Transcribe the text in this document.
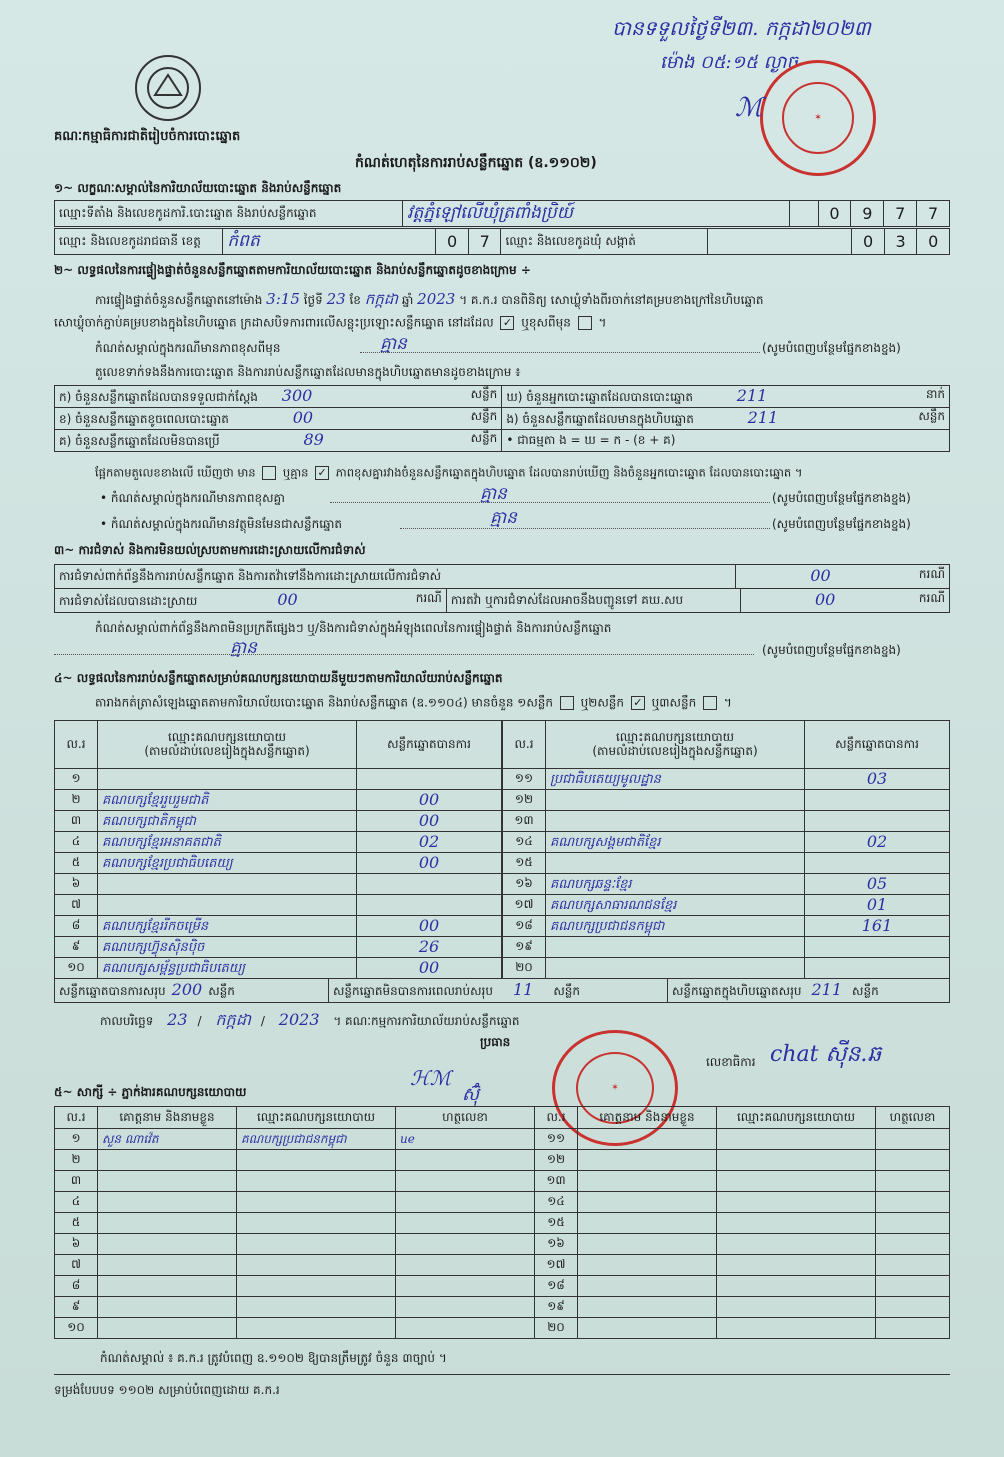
បានទទួលថ្ងៃទី២៣. កក្កដា២០២៣
ម៉ោង ០៥:១៥ ល្ងាច
✶
ℳ
គណៈកម្មាធិការជាតិរៀបចំការបោះឆ្នោត
កំណត់ហេតុនៃការរាប់សន្លឹកឆ្នោត (ឧ.១១០២)
១~ លក្ខណៈសម្គាល់នៃការិយាល័យបោះឆ្នោត និងរាប់សន្លឹកឆ្នោត
ឈ្មោះទីតាំង និងលេខកូដការិ.បោះឆ្នោត និងរាប់សន្លឹកឆ្នោត	វត្តភ្នំឡៅលើឃុំត្រពាំងប្រិយ៍		0	9	7	7
ឈ្មោះ និងលេខកូដរាជធានី ខេត្ត	កំពត	0	7	ឈ្មោះ និងលេខកូដឃុំ សង្កាត់		0	3	0
២~ លទ្ធផលនៃការផ្ទៀងផ្ទាត់ចំនួនសន្លឹកឆ្នោតតាមការិយាល័យបោះឆ្នោត និងរាប់សន្លឹកឆ្នោតដូចខាងក្រោម ÷
ការផ្ទៀងផ្ទាត់ចំនួនសន្លឹកឆ្នោតនៅម៉ោង 3:15 ថ្ងៃទី 23 ខែ កក្កដា ឆ្នាំ 2023 ។ គ.ក.រ បានពិនិត្យ សោឃ្លុំទាំងពីរចាក់នៅគម្របខាងក្រៅនៃហិបឆ្នោត
សោឃ្លុំចាក់ភ្ជាប់គម្របខាងក្នុងនៃហិបឆ្នោត ក្រដាសបិទការពារលើសន្លុះប្រឡោះសន្លឹកឆ្នោត នៅដដែល ✓ ឬខុសពីមុន  ។
កំណត់សម្គាល់ក្នុងករណីមានភាពខុសពីមុន	គ្មាន	(សូមបំពេញបន្ថែមផ្នែកខាងខ្នង)
តួលេខទាក់ទងនឹងការបោះឆ្នោត និងការរាប់សន្លឹកឆ្នោតដែលមានក្នុងហិបឆ្នោតមានដូចខាងក្រោម ៖
ក) ចំនួនសន្លឹកឆ្នោតដែលបានទទួលជាក់ស្តែង 300 សន្លឹក	ឃ) ចំនួនអ្នកបោះឆ្នោតដែលបានបោះឆ្នោត 211 នាក់

ខ) ចំនួនសន្លឹកឆ្នោតខូចពេលបោះឆ្នោត 00 សន្លឹក	ង) ចំនួនសន្លឹកឆ្នោតដែលមានក្នុងហិបឆ្នោត 211 សន្លឹក

គ) ចំនួនសន្លឹកឆ្នោតដែលមិនបានប្រើ 89 សន្លឹក	• ជាធម្មតា ង = ឃ = ក - (ខ + គ)
ផ្អែកតាមតួលេខខាងលើ ឃើញថា មាន ឬគ្មាន ✓ ភាពខុសគ្នារវាងចំនួនសន្លឹកឆ្នោតក្នុងហិបឆ្នោត ដែលបានរាប់ឃើញ និងចំនួនអ្នកបោះឆ្នោត ដែលបានបោះឆ្នោត ។
• កំណត់សម្គាល់ក្នុងករណីមានភាពខុសគ្នា	គ្មាន	(សូមបំពេញបន្ថែមផ្នែកខាងខ្នង)
• កំណត់សម្គាល់ក្នុងករណីមានវត្ថុមិនមែនជាសន្លឹកឆ្នោត	គ្មាន	(សូមបំពេញបន្ថែមផ្នែកខាងខ្នង)
៣~ ការជំទាស់ និងការមិនយល់ស្របតាមការដោះស្រាយលើការជំទាស់
ការជំទាស់ពាក់ព័ន្ធនឹងការរាប់សន្លឹកឆ្នោត និងការតវ៉ាទៅនឹងការដោះស្រាយលើការជំទាស់	00	ករណី
ការជំទាស់ដែលបានដោះស្រាយ	00	ករណី	ការតវ៉ា ឬការជំទាស់ដែលអាចនឹងបញ្ជូនទៅ គឃ.សប	00	ករណី
កំណត់សម្គាល់ពាក់ព័ន្ធនឹងភាពមិនប្រក្រតីផ្សេងៗ ឬ/និងការជំទាស់ក្នុងអំឡុងពេលនៃការផ្ទៀងផ្ទាត់ និងការរាប់សន្លឹកឆ្នោត
គ្មាន	(សូមបំពេញបន្ថែមផ្នែកខាងខ្នង)
៤~ លទ្ធផលនៃការរាប់សន្លឹកឆ្នោតសម្រាប់គណបក្សនយោបាយនីមួយៗតាមការិយាល័យរាប់សន្លឹកឆ្នោត
តារាងកត់ត្រាសំឡេងឆ្នោតតាមការិយាល័យបោះឆ្នោត និងរាប់សន្លឹកឆ្នោត (ឧ.១១០៤) មានចំនួន ១សន្លឹក ឬ២សន្លឹក ✓ ឬ៣សន្លឹក  ។
ល.រ	ឈ្មោះគណបក្សនយោបាយ
(តាមលំដាប់លេខរៀងក្នុងសន្លឹកឆ្នោត)	សន្លឹកឆ្នោតបានការ
១		
២	គណបក្សខ្មែររួបរួមជាតិ	00
៣	គណបក្សជាតិកម្ពុជា	00
៤	គណបក្សខ្មែរអនាគតជាតិ	02
៥	គណបក្សខ្មែរប្រជាធិបតេយ្យ	00
៦		
៧		
៨	គណបក្សខ្មែររីកចម្រើន	00
៩	គណបក្សហ៊្វុនស៊ិនប៉ិច	26
១០	គណបក្សសម្ព័ន្ធប្រជាធិបតេយ្យ	00
ល.រ	ឈ្មោះគណបក្សនយោបាយ
(តាមលំដាប់លេខរៀងក្នុងសន្លឹកឆ្នោត)	សន្លឹកឆ្នោតបានការ
១១	ប្រជាធិបតេយ្យមូលដ្ឋាន	03
១២		
១៣		
១៤	គណបក្សសង្គមជាតិខ្មែរ	02
១៥		
១៦	គណបក្សឆន្ទៈខ្មែរ	05
១៧	គណបក្សសាធារណជនខ្មែរ	01
១៨	គណបក្សប្រជាជនកម្ពុជា	161
១៩		
២០		
សន្លឹកឆ្នោតបានការសរុប 200 សន្លឹក	សន្លឹកឆ្នោតមិនបានការពេលរាប់សរុប 11 សន្លឹក	សន្លឹកឆ្នោតក្នុងហិបឆ្នោតសរុប 211 សន្លឹក
កាលបរិច្ឆេទ 23 / កក្កដា / 2023 ។ គណៈកម្មការការិយាល័យរាប់សន្លឹកឆ្នោត
ប្រធាន
លេខាធិការ chat ស៊ីន.ឆ
✶
ℋℳ
ស៊ុំ
៥~ សាក្សី ÷ ភ្នាក់ងារគណបក្សនយោបាយ
ល.រ	គោត្តនាម និងនាមខ្លួន	ឈ្មោះគណបក្សនយោបាយ	ហត្ថលេខា	ល.រ	គោត្តនាម និងនាមខ្លួន	ឈ្មោះគណបក្សនយោបាយ	ហត្ថលេខា
១	សួន ណាវ៉េត	គណបក្សប្រជាជនកម្ពុជា	ue	១១			
២				១២			
៣				១៣			
៤				១៤			
៥				១៥			
៦				១៦			
៧				១៧			
៨				១៨			
៩				១៩			
១០				២០			
កំណត់សម្គាល់ ៖ គ.ក.រ ត្រូវបំពេញ ឧ.១១០២ ឱ្យបានត្រឹមត្រូវ ចំនួន ៣ច្បាប់ ។
ទម្រង់បែបបទ ១១០២ សម្រាប់បំពេញដោយ គ.ក.រ
